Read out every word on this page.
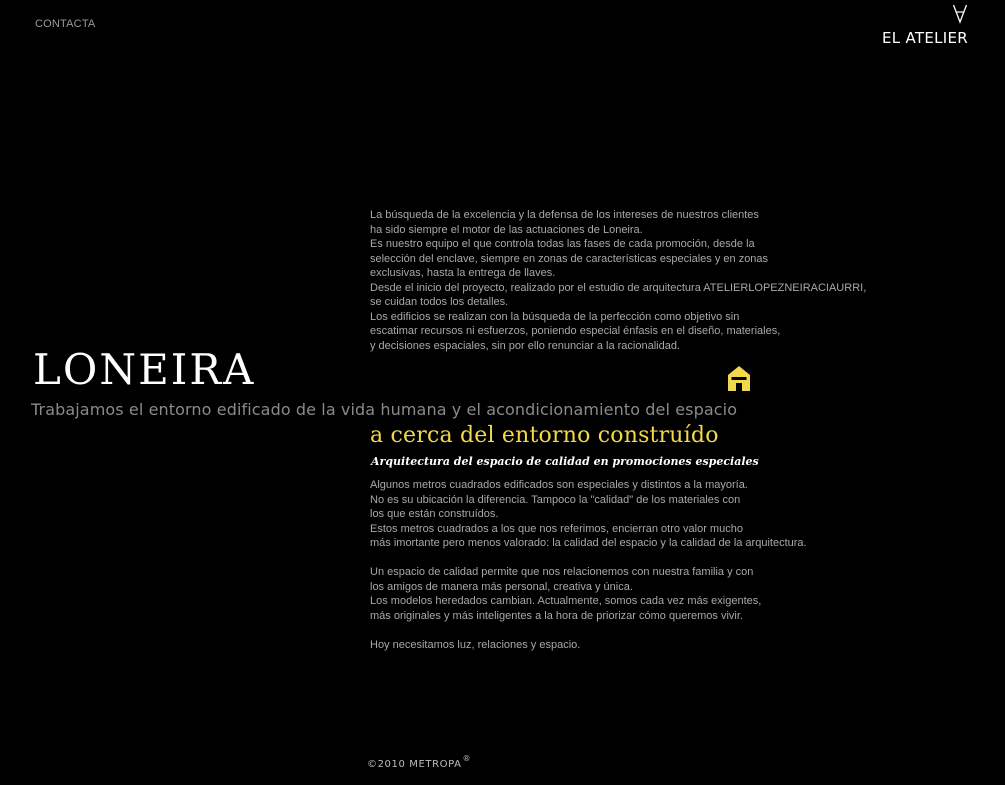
CONTACTA
EL ATELIER
La búsqueda de la excelencia y la defensa de los intereses de nuestros clientes
ha sido siempre el motor de las actuaciones de Loneira.
Es nuestro equipo el que controla todas las fases de cada promoción, desde la
selección del enclave, siempre en zonas de características especiales y en zonas
exclusivas, hasta la entrega de llaves.
Desde el inicio del proyecto, realizado por el estudio de arquitectura ATELIERLOPEZNEIRACIAURRI,
se cuidan todos los detalles.
Los edificios se realizan con la búsqueda de la perfección como objetivo sin
escatimar recursos ni esfuerzos, poniendo especial énfasis en el diseño, materiales,
y decisiones espaciales, sin por ello renunciar a la racionalidad.
LONEIRA
Trabajamos el entorno edificado de la vida humana y el acondicionamiento del espacio
a cerca del entorno construído
Arquitectura del espacio de calidad en promociones especiales
Algunos metros cuadrados edificados son especiales y distintos a la mayoría.
No es su ubicación la diferencia. Tampoco la "calidad" de los materiales con
los que están construídos.
Estos metros cuadrados a los que nos referimos, encierran otro valor mucho
más imortante pero menos valorado: la calidad del espacio y la calidad de la arquitectura.

Un espacio de calidad permite que nos relacionemos con nuestra familia y con
los amigos de manera más personal, creativa y única.
Los modelos heredados cambian. Actualmente, somos cada vez más exigentes,
más originales y más inteligentes a la hora de priorizar cómo queremos vivir.

Hoy necesitamos luz, relaciones y espacio.
©2010 METROPA®
